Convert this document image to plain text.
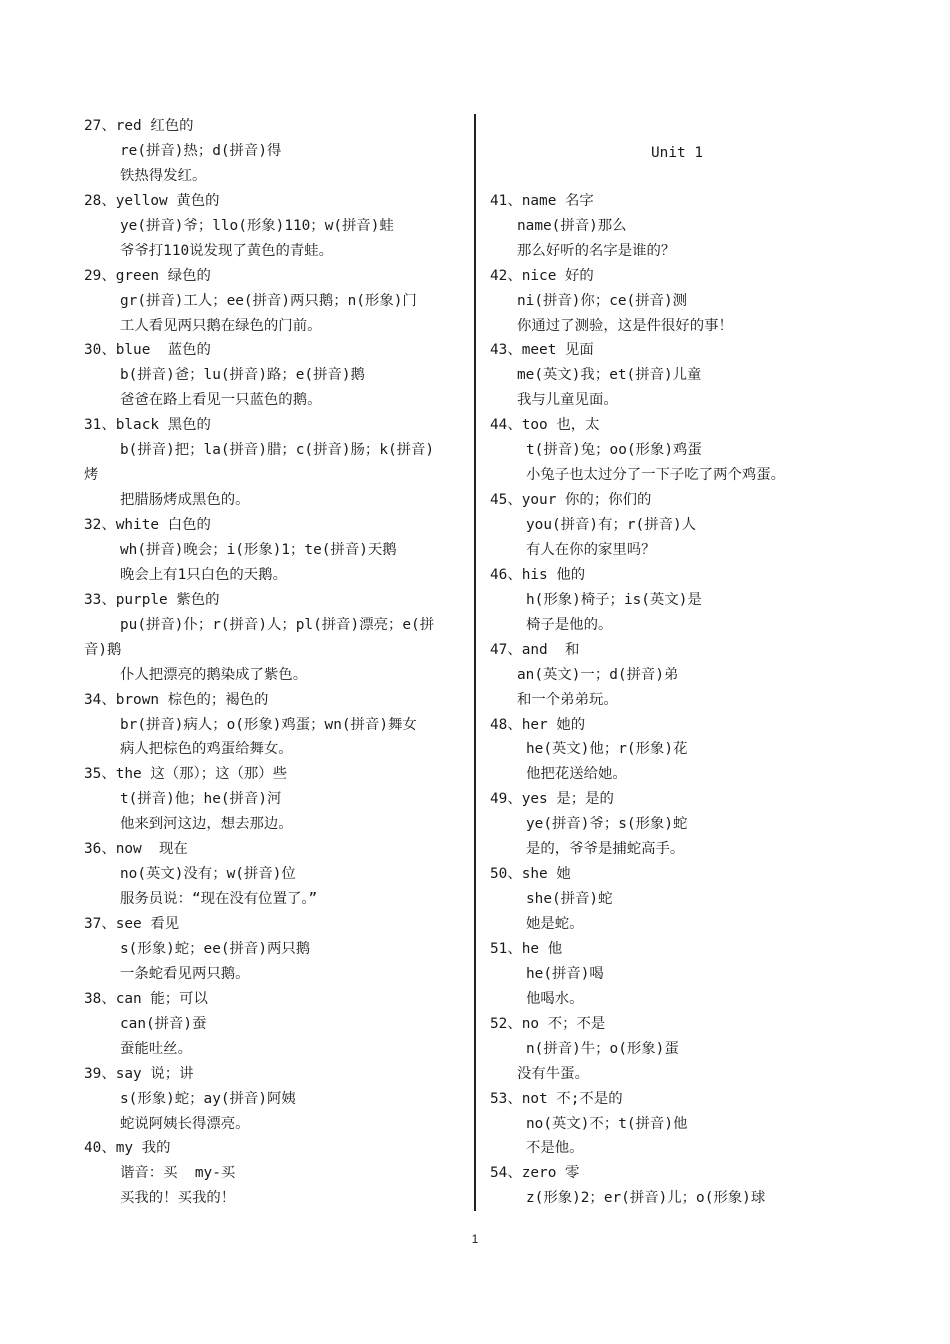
27、red 红色的
re(拼音)热；d(拼音)得
铁热得发红。
28、yellow 黄色的
ye(拼音)爷；llo(形象)110；w(拼音)蛙
爷爷打110说发现了黄色的青蛙。
29、green 绿色的
gr(拼音)工人；ee(拼音)两只鹅；n(形象)门
工人看见两只鹅在绿色的门前。
30、blue  蓝色的
b(拼音)爸；lu(拼音)路；e(拼音)鹅
爸爸在路上看见一只蓝色的鹅。
31、black 黑色的
b(拼音)把；la(拼音)腊；c(拼音)肠；k(拼音)
烤
把腊肠烤成黑色的。
32、white 白色的
wh(拼音)晚会；i(形象)1；te(拼音)天鹅
晚会上有1只白色的天鹅。
33、purple 紫色的
pu(拼音)仆；r(拼音)人；pl(拼音)漂亮；e(拼
音)鹅
仆人把漂亮的鹅染成了紫色。
34、brown 棕色的；褐色的
br(拼音)病人；o(形象)鸡蛋；wn(拼音)舞女
病人把棕色的鸡蛋给舞女。
35、the 这（那）；这（那）些
t(拼音)他；he(拼音)河
他来到河这边，想去那边。
36、now  现在
no(英文)没有；w(拼音)位
服务员说：“现在没有位置了。”
37、see 看见
s(形象)蛇；ee(拼音)两只鹅
一条蛇看见两只鹅。
38、can 能；可以
can(拼音)蚕
蚕能吐丝。
39、say 说；讲
s(形象)蛇；ay(拼音)阿姨
蛇说阿姨长得漂亮。
40、my 我的
谐音：买  my-买
买我的！买我的！
Unit 1
41、name 名字
name(拼音)那么
那么好听的名字是谁的？
42、nice 好的
ni(拼音)你；ce(拼音)测
你通过了测验，这是件很好的事！
43、meet 见面
me(英文)我；et(拼音)儿童
我与儿童见面。
44、too 也，太
t(拼音)兔；oo(形象)鸡蛋
小兔子也太过分了一下子吃了两个鸡蛋。
45、your 你的；你们的
you(拼音)有；r(拼音)人
有人在你的家里吗？
46、his 他的
h(形象)椅子；is(英文)是
椅子是他的。
47、and  和
an(英文)一；d(拼音)弟
和一个弟弟玩。
48、her 她的
he(英文)他；r(形象)花
他把花送给她。
49、yes 是；是的
ye(拼音)爷；s(形象)蛇
是的，爷爷是捕蛇高手。
50、she 她
she(拼音)蛇
她是蛇。
51、he 他
he(拼音)喝
他喝水。
52、no 不；不是
n(拼音)牛；o(形象)蛋
没有牛蛋。
53、not 不;不是的
no(英文)不；t(拼音)他
不是他。
54、zero 零
z(形象)2；er(拼音)儿；o(形象)球
1
